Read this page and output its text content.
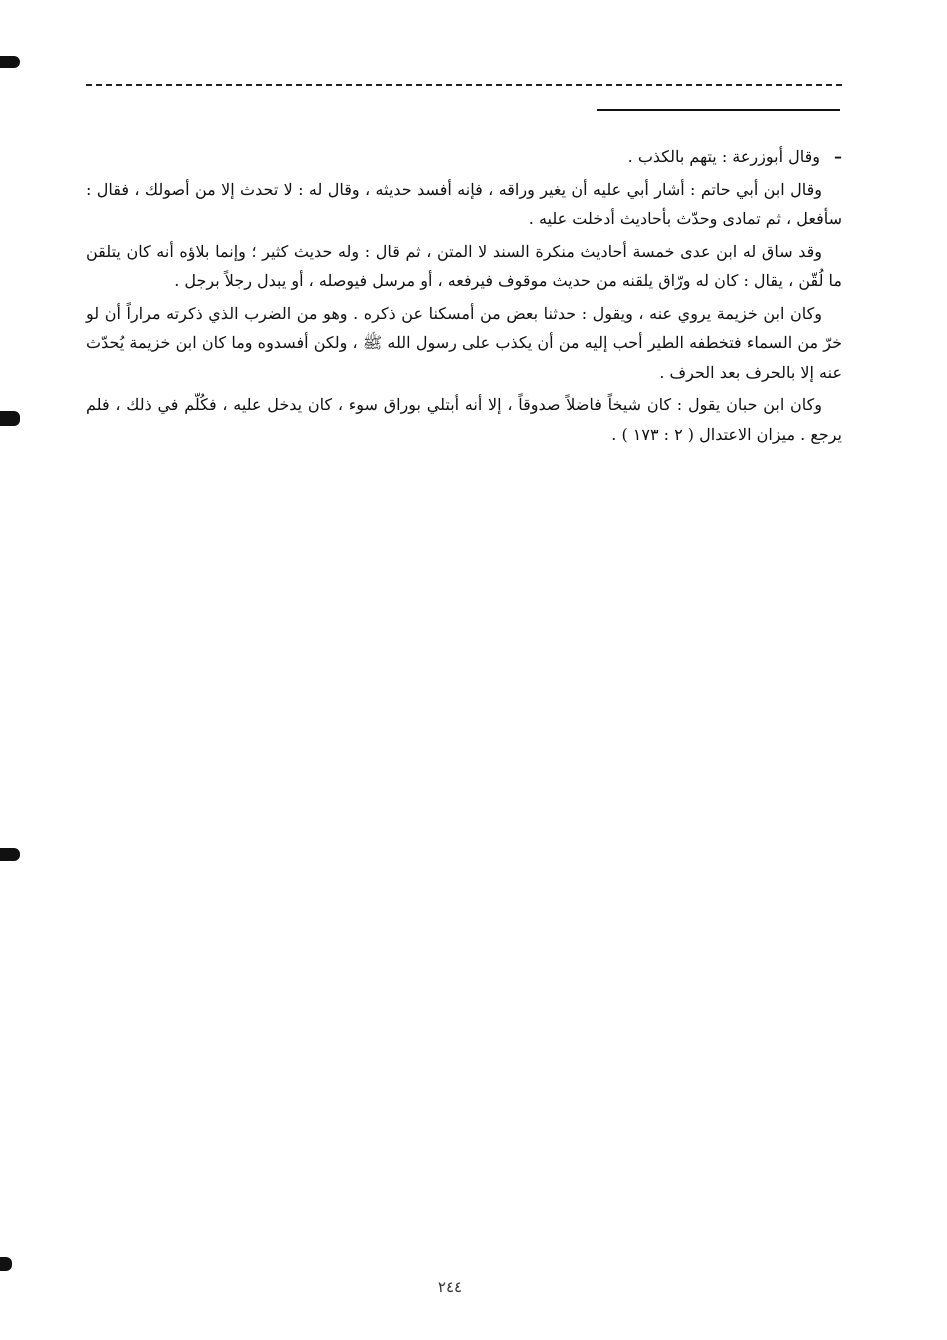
–وقال أبوزرعة : يتهم بالكذب .

وقال ابن أبي حاتم : أشار أبي عليه أن يغير وراقه ، فإنه أفسد حديثه ، وقال له : لا تحدث إلا من أصولك ، فقال : سأفعل ، ثم تمادى وحدّث بأحاديث أدخلت عليه .

وقد ساق له ابن عدى خمسة أحاديث منكرة السند لا المتن ، ثم قال : وله حديث كثير ؛ وإنما بلاؤه أنه كان يتلقن ما لُقّن ، يقال : كان له ورّاق يلقنه من حديث موقوف فيرفعه ، أو مرسل فيوصله ، أو يبدل رجلاً برجل .

وكان ابن خزيمة يروي عنه ، ويقول : حدثنا بعض من أمسكنا عن ذكره . وهو من الضرب الذي ذكرته مراراً أن لو خرّ من السماء فتخطفه الطير أحب إليه من أن يكذب على رسول الله ﷺ ، ولكن أفسدوه وما كان ابن خزيمة يُحدّث عنه إلا بالحرف بعد الحرف .

وكان ابن حبان يقول : كان شيخاً فاضلاً صدوقاً ، إلا أنه أبتلي بوراق سوء ، كان يدخل عليه ، فكُلّم في ذلك ، فلم يرجع . ميزان الاعتدال ( ٢ : ١٧٣ ) .

٢٤٤
